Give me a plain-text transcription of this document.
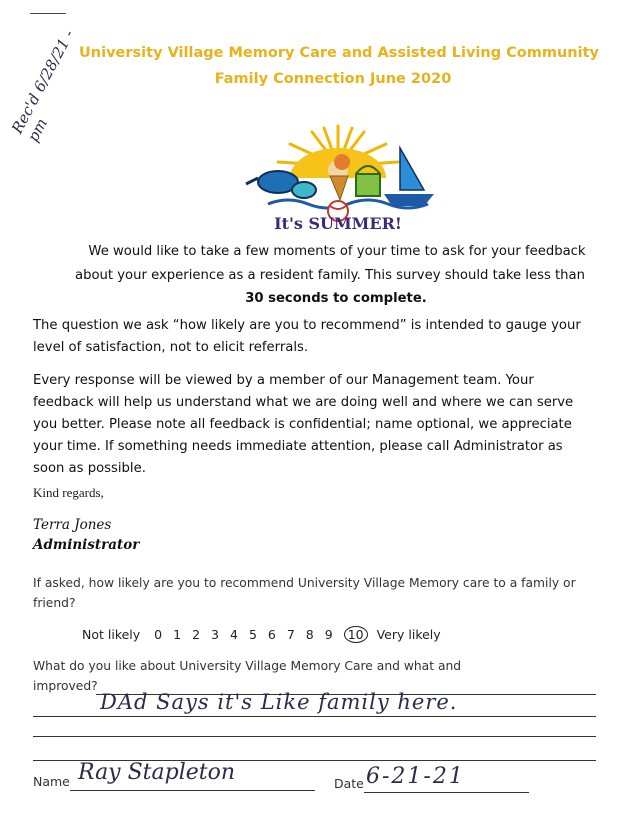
Rec'd 6/28/21 - pm
University Village Memory Care and Assisted Living Community
Family Connection June 2020
It's SUMMER!
We would like to take a few moments of your time to ask for your feedback
about your experience as a resident family. This survey should take less than
30 seconds to complete.
The question we ask “how likely are you to recommend” is intended to gauge your
level of satisfaction, not to elicit referrals.
Every response will be viewed by a member of our Management team. Your
feedback will help us understand what we are doing well and where we can serve
you better. Please note all feedback is confidential; name optional, we appreciate
your time. If something needs immediate attention, please call Administrator as
soon as possible.
Kind regards,
Terra Jones
Administrator
If asked, how likely are you to recommend University Village Memory care to a family or
friend?
Not likely 0 1 2 3 4 5 6 7 8 9 10 Very likely
What do you like about University Village Memory Care and what and
improved?
DAd Says it's Like family here.
Name Ray Stapleton	Date 6-21-21
